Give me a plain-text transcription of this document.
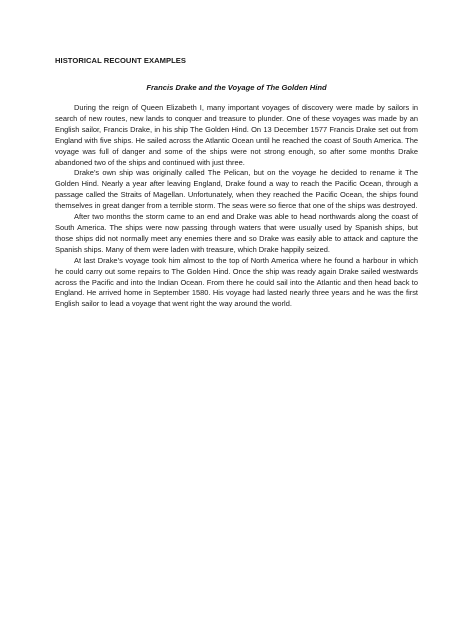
HISTORICAL RECOUNT EXAMPLES
Francis Drake and the Voyage of The Golden Hind

During the reign of Queen Elizabeth I, many important voyages of discovery were made by sailors in search of new routes, new lands to conquer and treasure to plunder. One of these voyages was made by an English sailor, Francis Drake, in his ship The Golden Hind. On 13 December 1577 Francis Drake set out from England with five ships. He sailed across the Atlantic Ocean until he reached the coast of South America. The voyage was full of danger and some of the ships were not strong enough, so after some months Drake abandoned two of the ships and continued with just three.

Drake’s own ship was originally called The Pelican, but on the voyage he decided to rename it The Golden Hind. Nearly a year after leaving England, Drake found a way to reach the Pacific Ocean, through a passage called the Straits of Magellan. Unfortunately, when they reached the Pacific Ocean, the ships found themselves in great danger from a terrible storm. The seas were so fierce that one of the ships was destroyed.

After two months the storm came to an end and Drake was able to head northwards along the coast of South America. The ships were now passing through waters that were usually used by Spanish ships, but those ships did not normally meet any enemies there and so Drake was easily able to attack and capture the Spanish ships. Many of them were laden with treasure, which Drake happily seized.

At last Drake’s voyage took him almost to the top of North America where he found a harbour in which he could carry out some repairs to The Golden Hind. Once the ship was ready again Drake sailed westwards across the Pacific and into the Indian Ocean. From there he could sail into the Atlantic and then head back to England. He arrived home in September 1580. His voyage had lasted nearly three years and he was the first English sailor to lead a voyage that went right the way around the world.
